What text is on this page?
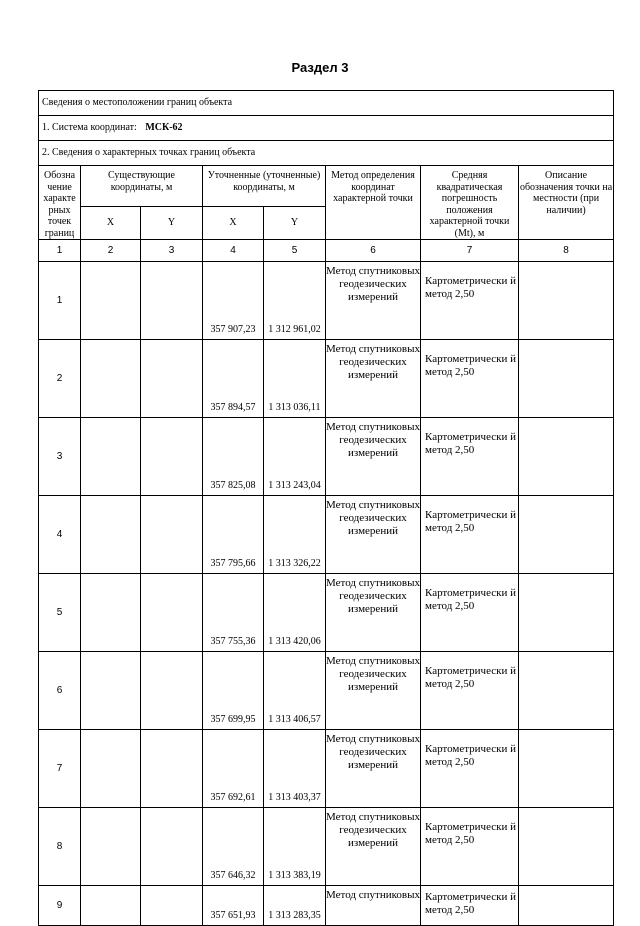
Раздел 3
Сведения о местоположении границ объекта							
1. Система координат: МСК-62							
2. Сведения о характерных точках границ объекта							
Обозна чение характе рных точек границ	Существующие координаты, м		Уточненные (уточненные) координаты, м		Метод определения координат характерной точки	Средняя квадратическая погрешность положения характерной точки (Mt), м	Описание обозначения точки на местности (при наличии)
	X	Y	X	Y			
1	2	3	4	5	6	7	8
1			357 907,23	1 312 961,02	Метод спутниковых геодезических измерений	Картометрически й метод 2,50	
2			357 894,57	1 313 036,11	Метод спутниковых геодезических измерений	Картометрически й метод 2,50	
3			357 825,08	1 313 243,04	Метод спутниковых геодезических измерений	Картометрически й метод 2,50	
4			357 795,66	1 313 326,22	Метод спутниковых геодезических измерений	Картометрически й метод 2,50	
5			357 755,36	1 313 420,06	Метод спутниковых геодезических измерений	Картометрически й метод 2,50	
6			357 699,95	1 313 406,57	Метод спутниковых геодезических измерений	Картометрически й метод 2,50	
7			357 692,61	1 313 403,37	Метод спутниковых геодезических измерений	Картометрически й метод 2,50	
8			357 646,32	1 313 383,19	Метод спутниковых геодезических измерений	Картометрически й метод 2,50	
9			357 651,93	1 313 283,35	Метод спутниковых	Картометрически й метод 2,50	
